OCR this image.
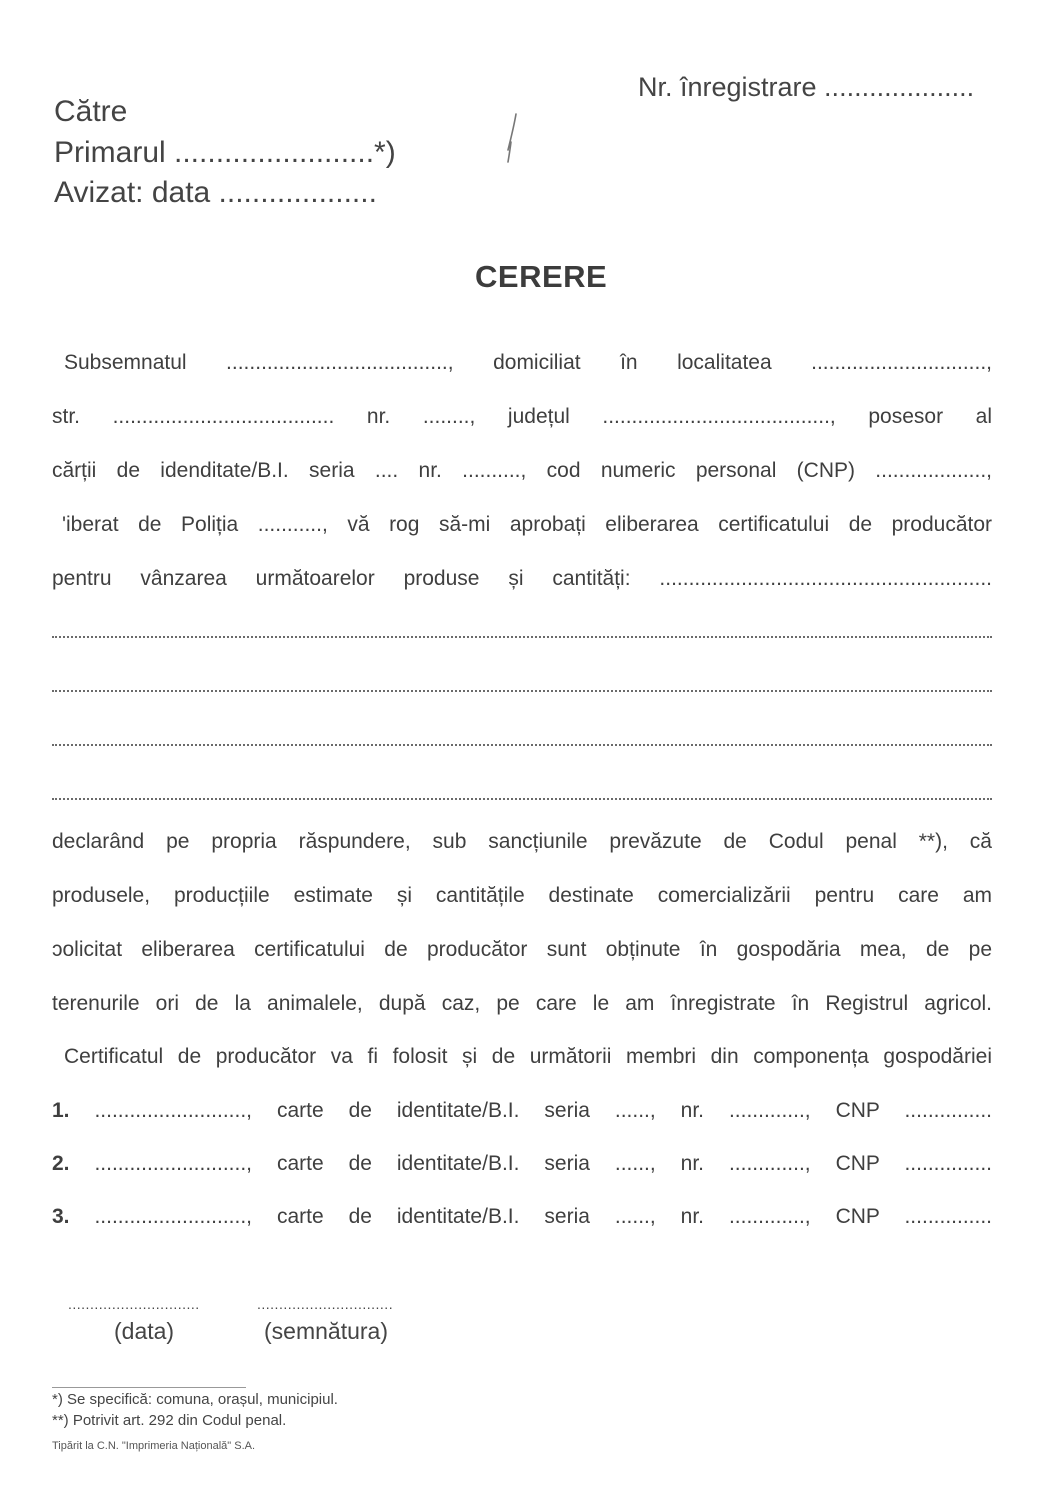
Către
Primarul ........................*)
Avizat: data ...................
Nr. înregistrare ....................
CERERE
Subsemnatul ......................................, domiciliat în localitatea ..............................,
str. ...................................... nr. ........, județul ......................................., posesor al
cărții de idenditate/B.I. seria .... nr. .........., cod numeric personal (CNP) ...................,
'iberat de Poliția ..........., vă rog să-mi aprobați eliberarea certificatului de producător
pentru vânzarea următoarelor produse și cantități: .........................................................
declarând pe propria răspundere, sub sancțiunile prevăzute de Codul penal **), că
produsele, producțiile estimate și cantitățile destinate comercializării pentru care am
ɔolicitat eliberarea certificatului de producător sunt obținute în gospodăria mea, de pe
terenurile ori de la animalele, după caz, pe care le am înregistrate în Registrul agricol.
Certificatul de producător va fi folosit și de următorii membri din componența gospodăriei
1. .........................., carte de identitate/B.I. seria ......, nr. ............., CNP ...............
2. .........................., carte de identitate/B.I. seria ......, nr. ............., CNP ...............
3. .........................., carte de identitate/B.I. seria ......, nr. ............., CNP ...............
..............................	...............................
(data)	(semnătura)
*) Se specifică: comuna, orașul, municipiul.
**) Potrivit art. 292 din Codul penal.
Tipărit la C.N. "Imprimeria Națională" S.A.
